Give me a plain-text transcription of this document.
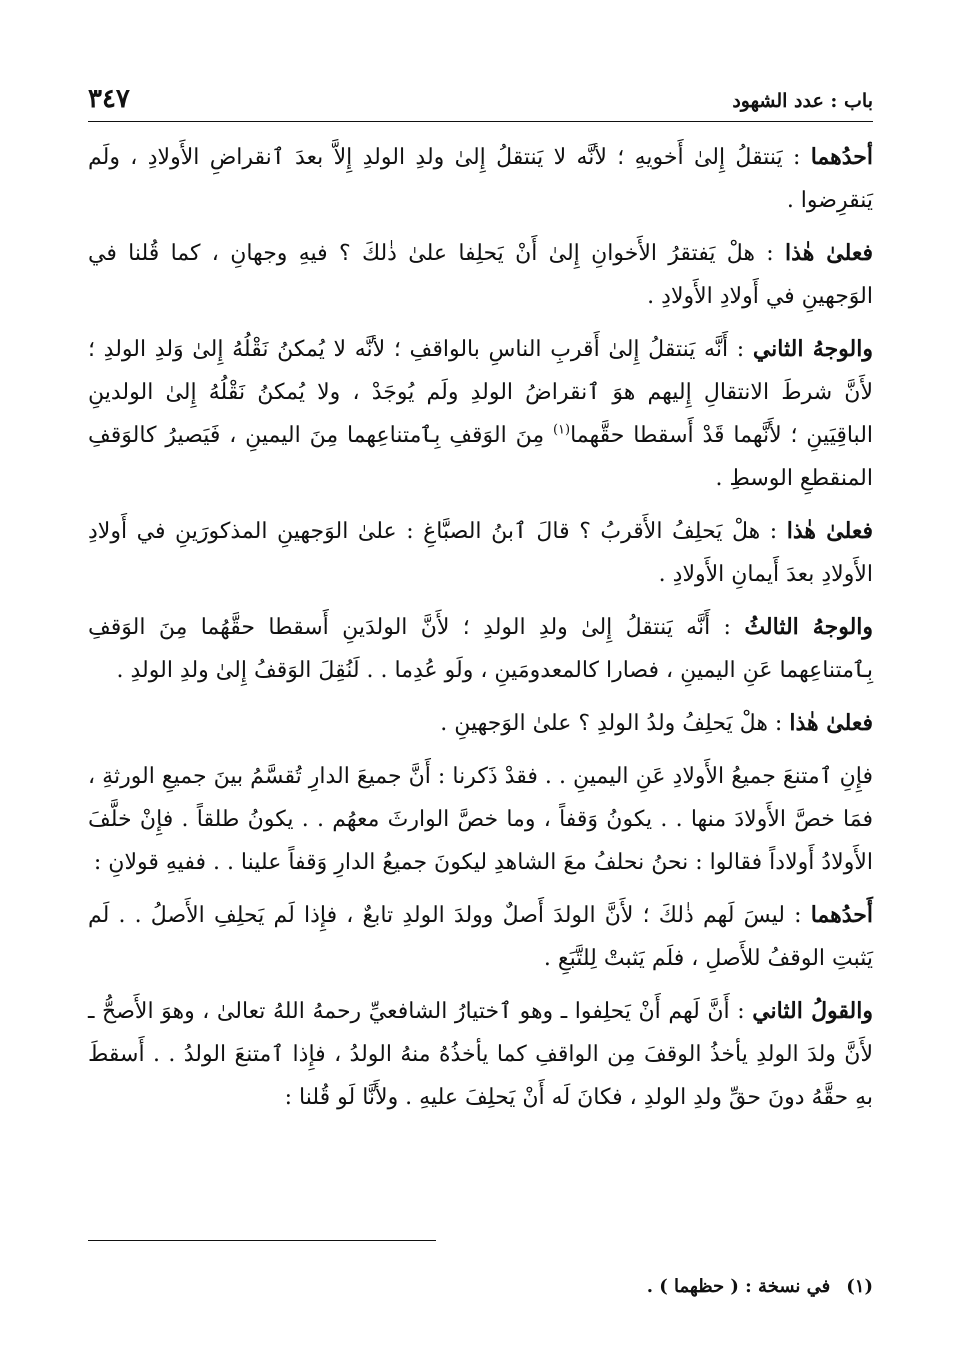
باب : عدد الشهود
٣٤٧

أحدُهما : يَنتقلُ إِلىٰ أَخويهِ ؛ لأنَّه لا يَنتقلُ إِلىٰ ولدِ الولدِ إِلاَّ بعدَ ٱنقراضِ الأَولادِ ، ولَم يَنقرِضوا .

فعلىٰ هٰذا : هلْ يَفتقرُ الأَخوانِ إِلىٰ أَنْ يَحلِفا علىٰ ذٰلكَ ؟ فيهِ وجهانِ ، كما قُلنا في الوَجهينِ في أَولادِ الأَولادِ .

والوجهُ الثاني : أَنَّه يَنتقلُ إِلىٰ أَقربِ الناسِ بالواقفِ ؛ لأنَّه لا يُمكنُ نَقْلُهُ إِلىٰ وَلدِ الولدِ ؛ لأَنَّ شرطَ الانتقالِ إِليهم هوَ ٱنقراضُ الولدِ ولَم يُوجَدْ ، ولا يُمكنُ نَقْلُهُ إِلىٰ الولدينِ الباقِيَينِ ؛ لأَنَّهما قَدْ أَسقطا حقَّهما$^{(١)}$ مِنَ الوَقفِ بِٱمتناعِهما مِنَ اليمينِ ، فَيَصيرُ كالوَقفِ المنقطعِ الوسطِ .

فعلىٰ هٰذا : هلْ يَحلِفُ الأَقربُ ؟ قالَ ٱبنُ الصبَّاغِ : علىٰ الوَجهينِ المذكورَينِ في أَولادِ الأَولادِ بعدَ أَيمانِ الأَولادِ .

والوجهُ الثالثُ : أَنَّه يَنتقلُ إِلىٰ ولدِ الولدِ ؛ لأَنَّ الولدَينِ أَسقطا حقَّهُما مِنَ الوَقفِ بِٱمتناعِهما عَنِ اليمينِ ، فصارا كالمعدومَينِ ، ولَو عُدِما . . لَنُقِلَ الوَقفُ إِلىٰ ولدِ الولدِ .

فعلىٰ هٰذا : هلْ يَحلِفُ ولدُ الولدِ ؟ علىٰ الوَجهينِ .

فإِنِ ٱمتنعَ جميعُ الأَولادِ عَنِ اليمينِ . . فقدْ ذَكرنا : أَنَّ جميعَ الدارِ تُقسَّمُ بينَ جميعِ الورثةِ ، فمَا خصَّ الأَولادَ منها . . يكونُ وَقفاً ، وما خصَّ الوارثَ معهُم . . يكونُ طلقاً . فإِنْ خلَّفَ الأَولادُ أَولاداً فقالوا : نحنُ نحلفُ معَ الشاهدِ ليكونَ جميعُ الدارِ وَقفاً علينا . . ففيهِ قولانِ :

أَحدُهما : ليسَ لَهم ذٰلكَ ؛ لأَنَّ الولدَ أَصلٌ وولدَ الولدِ تابعٌ ، فإِذا لَم يَحلِفِ الأَصلُ . . لَم يَثبتِ الوقفُ للأَصلِ ، فلَم يَثبتْ لِلتَّبَعِ .

والقولُ الثاني : أَنَّ لَهم أَنْ يَحلِفوا ـ وهو ٱختيارُ الشافعيِّ رحمهُ اللهُ تعالىٰ ، وهوَ الأَصحُّ ـ لأَنَّ ولدَ الولدِ يأخذُ الوقفَ مِن الواقفِ كما يأخذُهُ منهُ الولدُ ، فإِذا ٱمتنعَ الولدُ . . أَسقطَ بهِ حقَّهُ دونَ حقِّ ولدِ الولدِ ، فكانَ لَه أَنْ يَحلِفَ عليهِ . ولأَنَّا لَو قُلنا :

(١)في نسخة : ( حظهما ) .
